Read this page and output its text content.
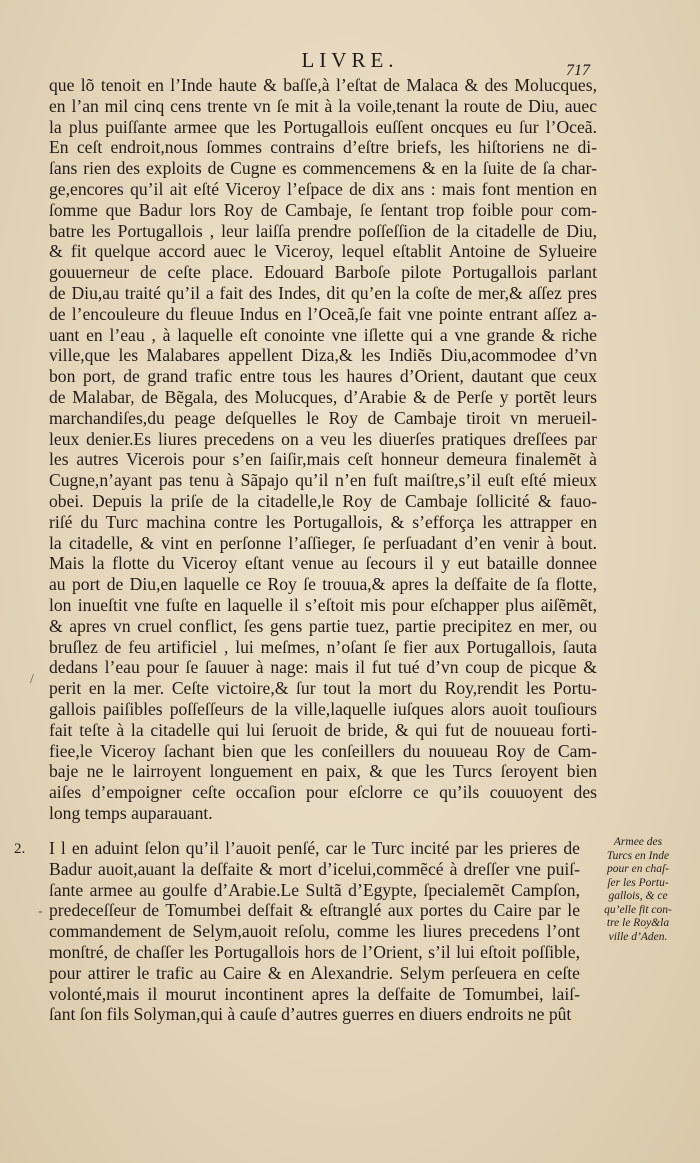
LIVRE.	717
que lõ tenoit en l’Inde haute & baſſe,à l’eſtat de Malaca & des Molucques,
en l’an mil cinq cens trente vn ſe mit à la voile,tenant la route de Diu, auec
la plus puiſſante armee que les Portugallois euſſent oncques eu ſur l’Oceã.
En ceſt endroit,nous ſommes contrains d’eſtre briefs, les hiſtoriens ne di-
ſans rien des exploits de Cugne es commencemens & en la ſuite de ſa char-
ge,encores qu’il ait eſté Viceroy l’eſpace de dix ans : mais font mention en
ſomme que Badur lors Roy de Cambaje, ſe ſentant trop foible pour com-
batre les Portugallois , leur laiſſa prendre poſſeſſion de la citadelle de Diu,
& fit quelque accord auec le Viceroy, lequel eſtablit Antoine de Sylueire
gouuerneur de ceſte place. Edouard Barboſe pilote Portugallois parlant
de Diu,au traité qu’il a fait des Indes, dit qu’en la coſte de mer,& aſſez pres
de l’encouleure du fleuue Indus en l’Oceã,ſe fait vne pointe entrant aſſez a-
uant en l’eau , à laquelle eſt conointe vne iſlette qui a vne grande & riche
ville,que les Malabares appellent Diza,& les Indiẽs Diu,acommodee d’vn
bon port, de grand trafic entre tous les haures d’Orient, dautant que ceux
de Malabar, de Bẽgala, des Molucques, d’Arabie & de Perſe y portẽt leurs
marchandiſes,du peage deſquelles le Roy de Cambaje tiroit vn merueil-
leux denier.Es liures precedens on a veu les diuerſes pratiques dreſſees par
les autres Vicerois pour s’en ſaiſir,mais ceſt honneur demeura finalemẽt à
Cugne,n’ayant pas tenu à Sãpajo qu’il n’en fuſt maiſtre,s’il euſt eſté mieux
obei. Depuis la priſe de la citadelle,le Roy de Cambaje ſollicité & fauo-
riſé du Turc machina contre les Portugallois, & s’efforça les attrapper en
la citadelle, & vint en perſonne l’aſſieger, ſe perſuadant d’en venir à bout.
Mais la flotte du Viceroy eſtant venue au ſecours il y eut bataille donnee
au port de Diu,en laquelle ce Roy ſe trouua,& apres la deſfaite de ſa flotte,
lon inueſtit vne fuſte en laquelle il s’eſtoit mis pour eſchapper plus aiſẽmẽt,
& apres vn cruel conflict, ſes gens partie tuez, partie precipitez en mer, ou
bruſlez de feu artificiel , lui meſmes, n’oſant ſe fier aux Portugallois, ſauta
dedans l’eau pour ſe ſauuer à nage: mais il fut tué d’vn coup de picque &
perit en la mer. Ceſte victoire,& ſur tout la mort du Roy,rendit les Portu-
gallois paiſibles poſſeſſeurs de la ville,laquelle iuſques alors auoit touſiours
fait teſte à la citadelle qui lui ſeruoit de bride, & qui fut de nouueau forti-
fiee,le Viceroy ſachant bien que les conſeillers du nouueau Roy de Cam-
baje ne le lairroyent longuement en paix, & que les Turcs ſeroyent bien
aiſes d’empoigner ceſte occaſion pour eſclorre ce qu’ils couuoyent des
long temps auparauant.
2. I l en aduint ſelon qu’il l’auoit penſé, car le Turc incité par les prieres de
Badur auoit,auant la deſfaite & mort d’icelui,commẽcé à dreſſer vne puiſ-
ſante armee au goulfe d’Arabie.Le Sultã d’Egypte, ſpecialemẽt Campſon,
predeceſſeur de Tomumbei deſfait & eſtranglé aux portes du Caire par le
commandement de Selym,auoit reſolu, comme les liures precedens l’ont
monſtré, de chaſſer les Portugallois hors de l’Orient, s’il lui eſtoit poſſible,
pour attirer le trafic au Caire & en Alexandrie. Selym perſeuera en ceſte
volonté,mais il mourut incontinent apres la deſfaite de Tomumbei, laiſ-
ſant ſon fils Solyman,qui à cauſe d’autres guerres en diuers endroits ne pût
Armee des
Turcs en Inde
pour en chaſ-
ſer les Portu-
gallois, & ce
qu’elle fit con-
tre le Roy&la
ville d’Aden.
/
-
